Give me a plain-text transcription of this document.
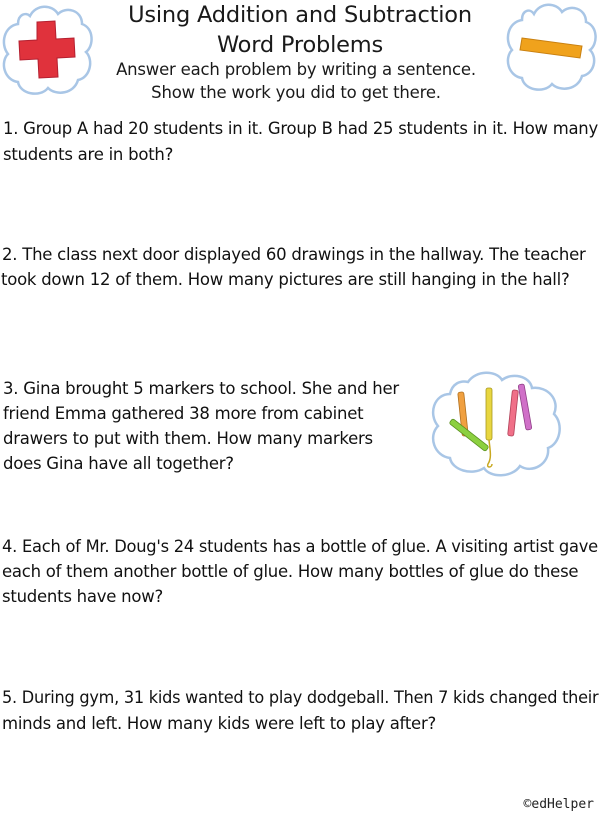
Using Addition and Subtraction
Word Problems
Answer each problem by writing a sentence.
Show the work you did to get there.
1. Group A had 20 students in it. Group B had 25 students in it. How many
students are in both?
2. The class next door displayed 60 drawings in the hallway. The teacher
took down 12 of them. How many pictures are still hanging in the hall?
3. Gina brought 5 markers to school. She and her
friend Emma gathered 38 more from cabinet
drawers to put with them. How many markers
does Gina have all together?
4. Each of Mr. Doug's 24 students has a bottle of glue. A visiting artist gave
each of them another bottle of glue. How many bottles of glue do these
students have now?
5. During gym, 31 kids wanted to play dodgeball. Then 7 kids changed their
minds and left. How many kids were left to play after?
©edHelper
